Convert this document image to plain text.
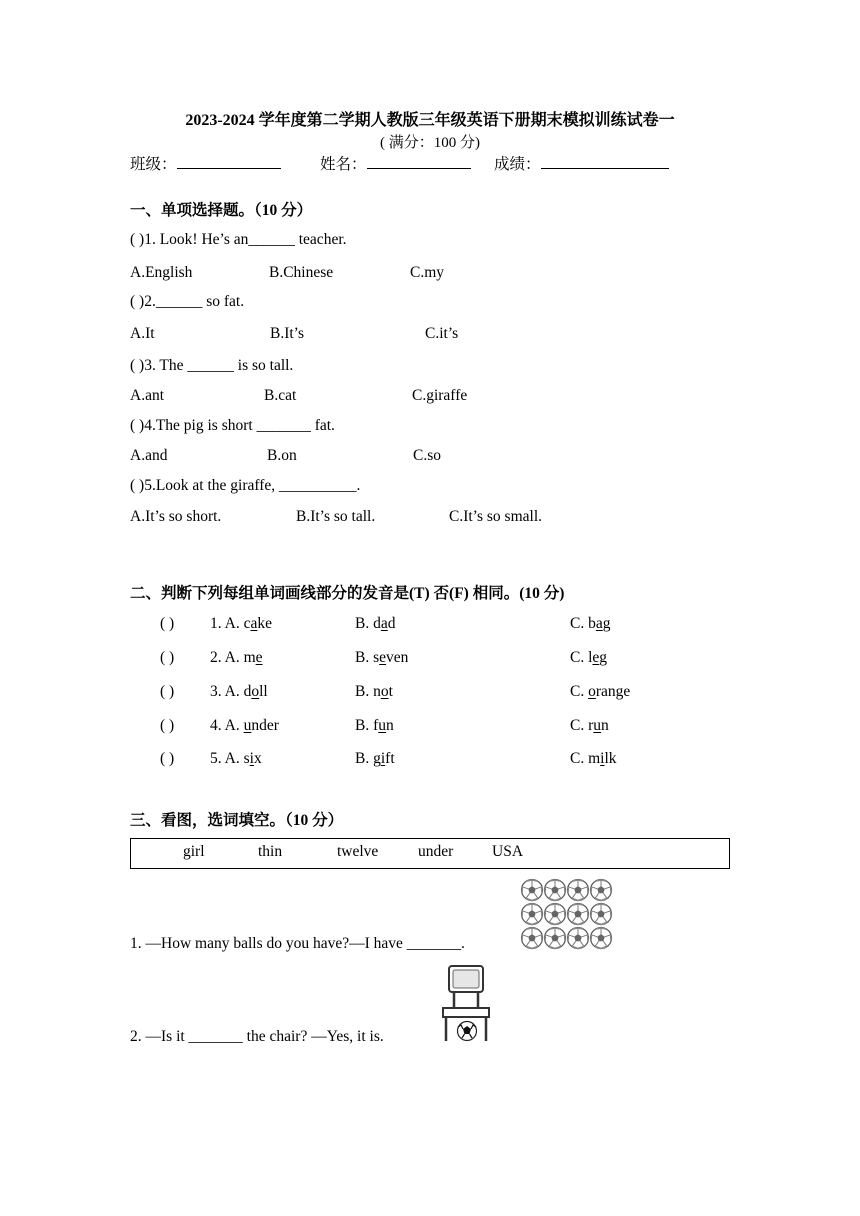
2023-2024 学年度第二学期人教版三年级英语下册期末模拟训练试卷一
( 满分：100 分)
班级：	姓名：	成绩：
一、单项选择题。（10 分）
( )1. Look! He’s an______ teacher.
A.English	B.Chinese	C.my
( )2.______ so fat.
A.It	B.It’s	C.it’s
( )3. The ______ is so tall.
A.ant	B.cat	C.giraffe
( )4.The pig is short _______ fat.
A.and	B.on	C.so
( )5.Look at the giraffe, __________.
A.It’s so short.	B.It’s so tall.	C.It’s so small.
二、判断下列每组单词画线部分的发音是(T) 否(F) 相同。(10 分)
( ) 1. A. cake	B. dad	C. bag
( ) 2. A. me	B. seven	C. leg
( ) 3. A. doll	B. not	C. orange
( ) 4. A. under	B. fun	C. run
( ) 5. A. six	B. gift	C. milk
三、看图，选词填空。（10 分）
girl	thin	twelve	under USA
1. —How many balls do you have?—I have _______.
2. —Is it _______ the chair? —Yes, it is.
